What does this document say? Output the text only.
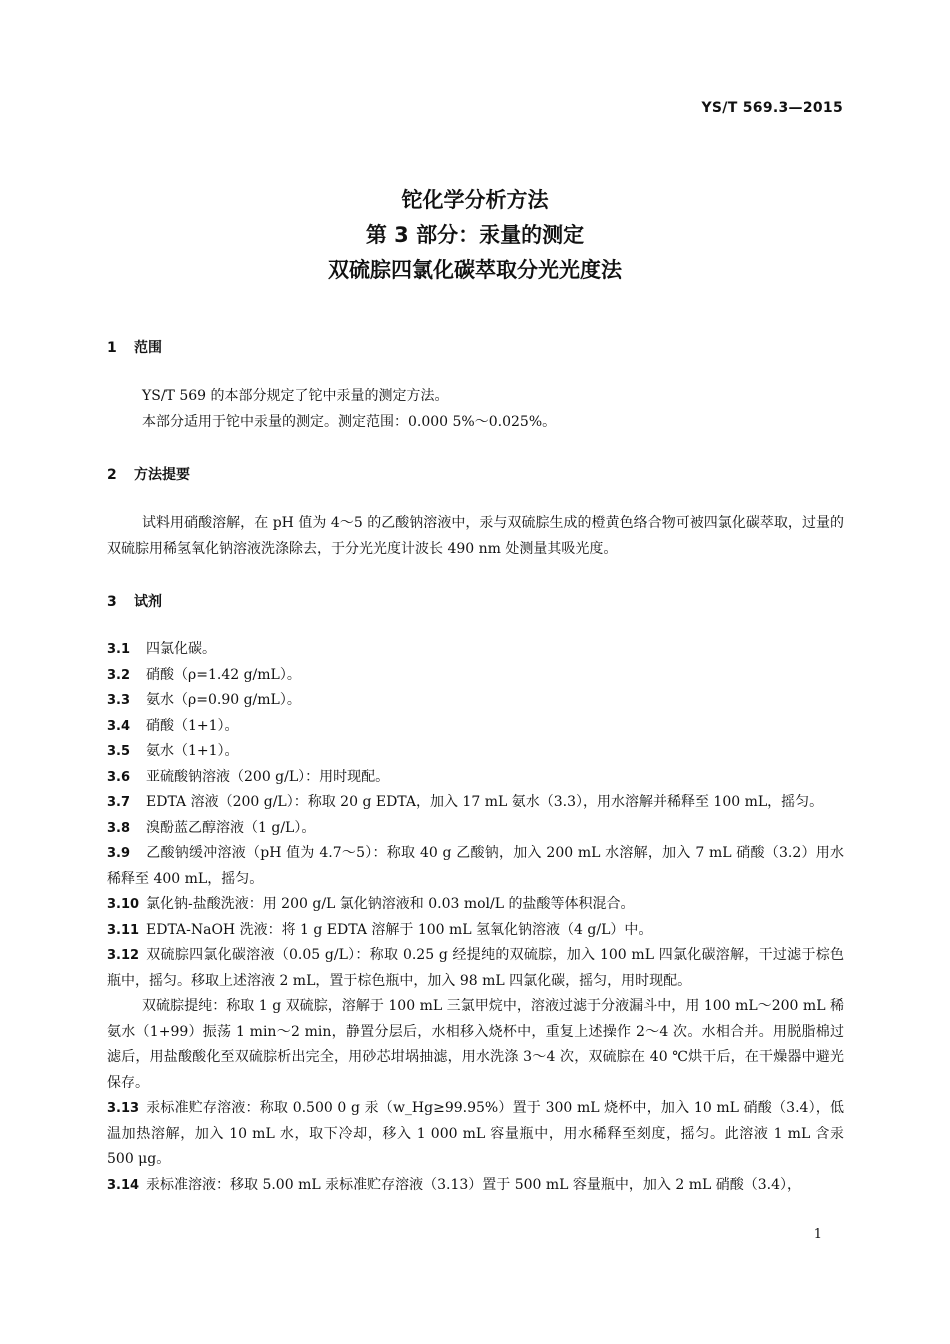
YS/T 569.3—2015
铊化学分析方法
第 3 部分：汞量的测定
双硫腙四氯化碳萃取分光光度法
1 范围

YS/T 569 的本部分规定了铊中汞量的测定方法。

本部分适用于铊中汞量的测定。测定范围：0.000 5%～0.025%。

2 方法提要

试料用硝酸溶解，在 pH 值为 4～5 的乙酸钠溶液中，汞与双硫腙生成的橙黄色络合物可被四氯化碳萃取，过量的双硫腙用稀氢氧化钠溶液洗涤除去，于分光光度计波长 490 nm 处测量其吸光度。

3 试剂

3.1 四氯化碳。

3.2 硝酸（ρ=1.42 g/mL）。

3.3 氨水（ρ=0.90 g/mL）。

3.4 硝酸（1+1）。

3.5 氨水（1+1）。

3.6 亚硫酸钠溶液（200 g/L）：用时现配。

3.7 EDTA 溶液（200 g/L）：称取 20 g EDTA，加入 17 mL 氨水（3.3），用水溶解并稀释至 100 mL，摇匀。

3.8 溴酚蓝乙醇溶液（1 g/L）。

3.9 乙酸钠缓冲溶液（pH 值为 4.7～5）：称取 40 g 乙酸钠，加入 200 mL 水溶解，加入 7 mL 硝酸（3.2）用水稀释至 400 mL，摇匀。

3.10 氯化钠-盐酸洗液：用 200 g/L 氯化钠溶液和 0.03 mol/L 的盐酸等体积混合。

3.11 EDTA-NaOH 洗液：将 1 g EDTA 溶解于 100 mL 氢氧化钠溶液（4 g/L）中。

3.12 双硫腙四氯化碳溶液（0.05 g/L）：称取 0.25 g 经提纯的双硫腙，加入 100 mL 四氯化碳溶解，干过滤于棕色瓶中，摇匀。移取上述溶液 2 mL，置于棕色瓶中，加入 98 mL 四氯化碳，摇匀，用时现配。

双硫腙提纯：称取 1 g 双硫腙，溶解于 100 mL 三氯甲烷中，溶液过滤于分液漏斗中，用 100 mL～200 mL 稀氨水（1+99）振荡 1 min～2 min，静置分层后，水相移入烧杯中，重复上述操作 2～4 次。水相合并。用脱脂棉过滤后，用盐酸酸化至双硫腙析出完全，用砂芯坩埚抽滤，用水洗涤 3～4 次，双硫腙在 40 ℃烘干后，在干燥器中避光保存。

3.13 汞标准贮存溶液：称取 0.500 0 g 汞（w_Hg≥99.95%）置于 300 mL 烧杯中，加入 10 mL 硝酸（3.4），低温加热溶解，加入 10 mL 水，取下冷却，移入 1 000 mL 容量瓶中，用水稀释至刻度，摇匀。此溶液 1 mL 含汞 500 μg。

3.14 汞标准溶液：移取 5.00 mL 汞标准贮存溶液（3.13）置于 500 mL 容量瓶中，加入 2 mL 硝酸（3.4），

1
